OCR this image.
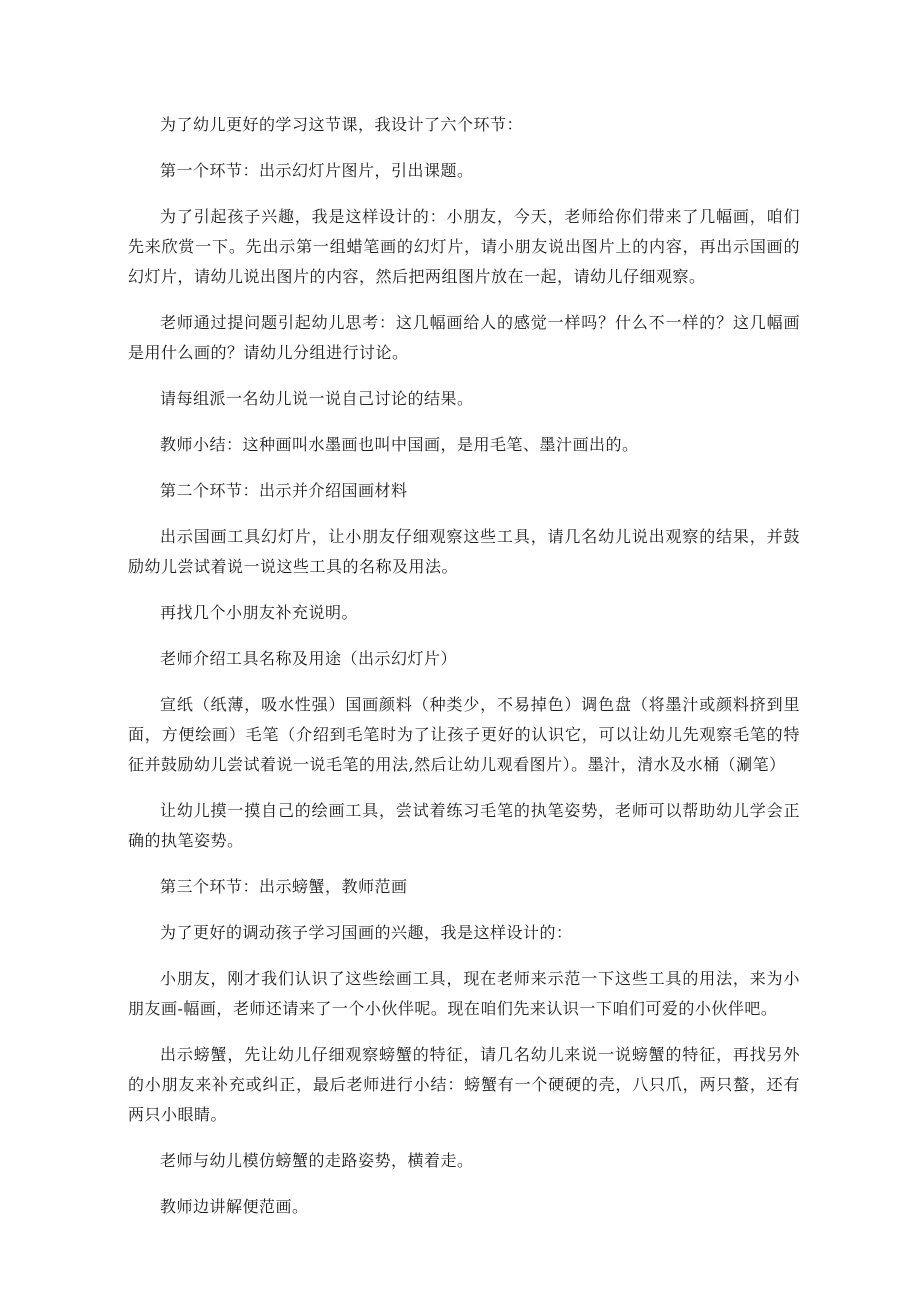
为了幼儿更好的学习这节课，我设计了六个环节：

第一个环节：出示幻灯片图片，引出课题。

为了引起孩子兴趣，我是这样设计的：小朋友，今天，老师给你们带来了几幅画，咱们先来欣赏一下。先出示第一组蜡笔画的幻灯片，请小朋友说出图片上的内容，再出示国画的幻灯片，请幼儿说出图片的内容，然后把两组图片放在一起，请幼儿仔细观察。

老师通过提问题引起幼儿思考：这几幅画给人的感觉一样吗？什么不一样的？这几幅画是用什么画的？请幼儿分组进行讨论。

请每组派一名幼儿说一说自己讨论的结果。

教师小结：这种画叫水墨画也叫中国画，是用毛笔、墨汁画出的。

第二个环节：出示并介绍国画材料

出示国画工具幻灯片，让小朋友仔细观察这些工具，请几名幼儿说出观察的结果，并鼓励幼儿尝试着说一说这些工具的名称及用法。

再找几个小朋友补充说明。

老师介绍工具名称及用途（出示幻灯片）

宣纸（纸薄，吸水性强）国画颜料（种类少，不易掉色）调色盘（将墨汁或颜料挤到里面，方便绘画）毛笔（介绍到毛笔时为了让孩子更好的认识它，可以让幼儿先观察毛笔的特征并鼓励幼儿尝试着说一说毛笔的用法,然后让幼儿观看图片）。墨汁，清水及水桶（涮笔）

让幼儿摸一摸自己的绘画工具，尝试着练习毛笔的执笔姿势，老师可以帮助幼儿学会正确的执笔姿势。

第三个环节：出示螃蟹，教师范画

为了更好的调动孩子学习国画的兴趣，我是这样设计的：

小朋友，刚才我们认识了这些绘画工具，现在老师来示范一下这些工具的用法，来为小朋友画-幅画，老师还请来了一个小伙伴呢。现在咱们先来认识一下咱们可爱的小伙伴吧。

出示螃蟹，先让幼儿仔细观察螃蟹的特征，请几名幼儿来说一说螃蟹的特征，再找另外的小朋友来补充或纠正，最后老师进行小结：螃蟹有一个硬硬的壳，八只爪，两只螯，还有两只小眼睛。

老师与幼儿模仿螃蟹的走路姿势，横着走。

教师边讲解便范画。
